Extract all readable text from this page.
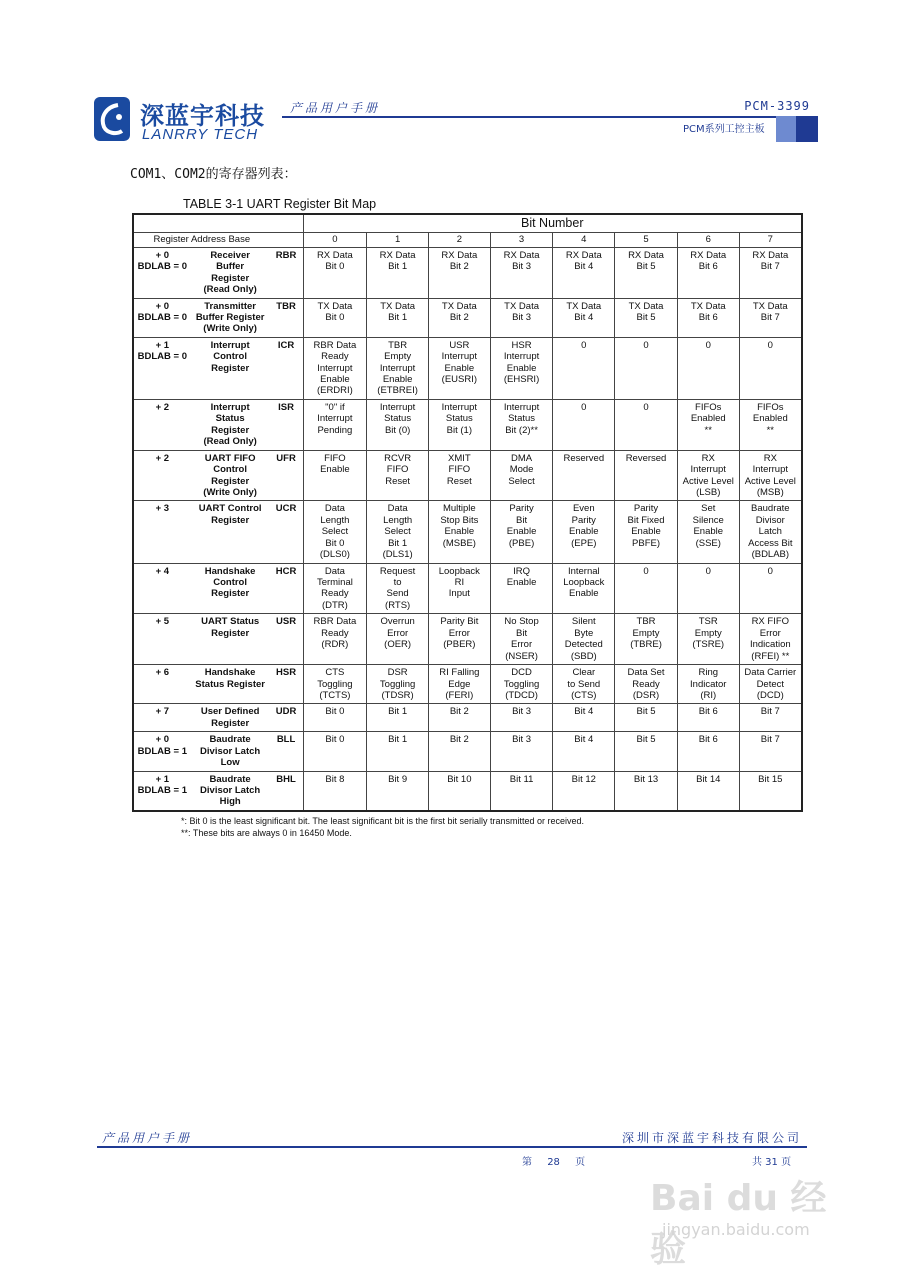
深蓝宇科技
LANRRY TECH
产品用户手册	PCM-3399
PCM系列工控主板
COM1、COM2的寄存器列表：
TABLE 3-1 UART Register Bit Map
			Bit Number							
Register Address Base			0	1	2	3	4	5	6	7

+ 0
BDLAB = 0	Receiver
Buffer
Register
(Read Only)	RBR	RX Data
Bit 0	RX Data
Bit 1	RX Data
Bit 2	RX Data
Bit 3	RX Data
Bit 4	RX Data
Bit 5	RX Data
Bit 6	RX Data
Bit 7

+ 0
BDLAB = 0	Transmitter
Buffer Register
(Write Only)	TBR	TX Data
Bit 0	TX Data
Bit 1	TX Data
Bit 2	TX Data
Bit 3	TX Data
Bit 4	TX Data
Bit 5	TX Data
Bit 6	TX Data
Bit 7

+ 1
BDLAB = 0	Interrupt
Control
Register	ICR	RBR Data
Ready
Interrupt
Enable
(ERDRI)	TBR
Empty
Interrupt
Enable
(ETBREI)	USR
Interrupt
Enable
(EUSRI)	HSR
Interrupt
Enable
(EHSRI)	0	0	0	0

+ 2	Interrupt
Status
Register
(Read Only)	ISR	"0" if
Interrupt
Pending	Interrupt
Status
Bit (0)	Interrupt
Status
Bit (1)	Interrupt
Status
Bit (2)**	0	0	FIFOs
Enabled
**	FIFOs
Enabled
**

+ 2	UART FIFO
Control
Register
(Write Only)	UFR	FIFO
Enable	RCVR
FIFO
Reset	XMIT
FIFO
Reset	DMA
Mode
Select	Reserved	Reversed	RX
Interrupt
Active Level
(LSB)	RX
Interrupt
Active Level
(MSB)

+ 3	UART Control
Register	UCR	Data
Length
Select
Bit 0
(DLS0)	Data
Length
Select
Bit 1
(DLS1)	Multiple
Stop Bits
Enable
(MSBE)	Parity
Bit
Enable
(PBE)	Even
Parity
Enable
(EPE)	Parity
Bit Fixed
Enable
PBFE)	Set
Silence
Enable
(SSE)	Baudrate
Divisor
Latch
Access Bit
(BDLAB)

+ 4	Handshake
Control
Register	HCR	Data
Terminal
Ready
(DTR)	Request
to
Send
(RTS)	Loopback
RI
Input	IRQ
Enable	Internal
Loopback
Enable	0	0	0

+ 5	UART Status
Register	USR	RBR Data
Ready
(RDR)	Overrun
Error
(OER)	Parity Bit
Error
(PBER)	No Stop
Bit
Error
(NSER)	Silent
Byte
Detected
(SBD)	TBR
Empty
(TBRE)	TSR
Empty
(TSRE)	RX FIFO
Error
Indication
(RFEI) **

+ 6	Handshake
Status Register	HSR	CTS
Toggling
(TCTS)	DSR
Toggling
(TDSR)	RI Falling
Edge
(FERI)	DCD
Toggling
(TDCD)	Clear
to Send
(CTS)	Data Set
Ready
(DSR)	Ring
Indicator
(RI)	Data Carrier
Detect
(DCD)

+ 7	User Defined
Register	UDR	Bit 0	Bit 1	Bit 2	Bit 3	Bit 4	Bit 5	Bit 6	Bit 7

+ 0
BDLAB = 1	Baudrate
Divisor Latch
Low	BLL	Bit 0	Bit 1	Bit 2	Bit 3	Bit 4	Bit 5	Bit 6	Bit 7

+ 1
BDLAB = 1	Baudrate
Divisor Latch
High	BHL	Bit 8	Bit 9	Bit 10	Bit 11	Bit 12	Bit 13	Bit 14	Bit 15
*: Bit 0 is the least significant bit. The least significant bit is the first bit serially transmitted or received.
**: These bits are always 0 in 16450 Mode.
产品用户手册	深圳市深蓝宇科技有限公司
第 28 页	共 31 页
Bai du 经验
jingyan.baidu.com
